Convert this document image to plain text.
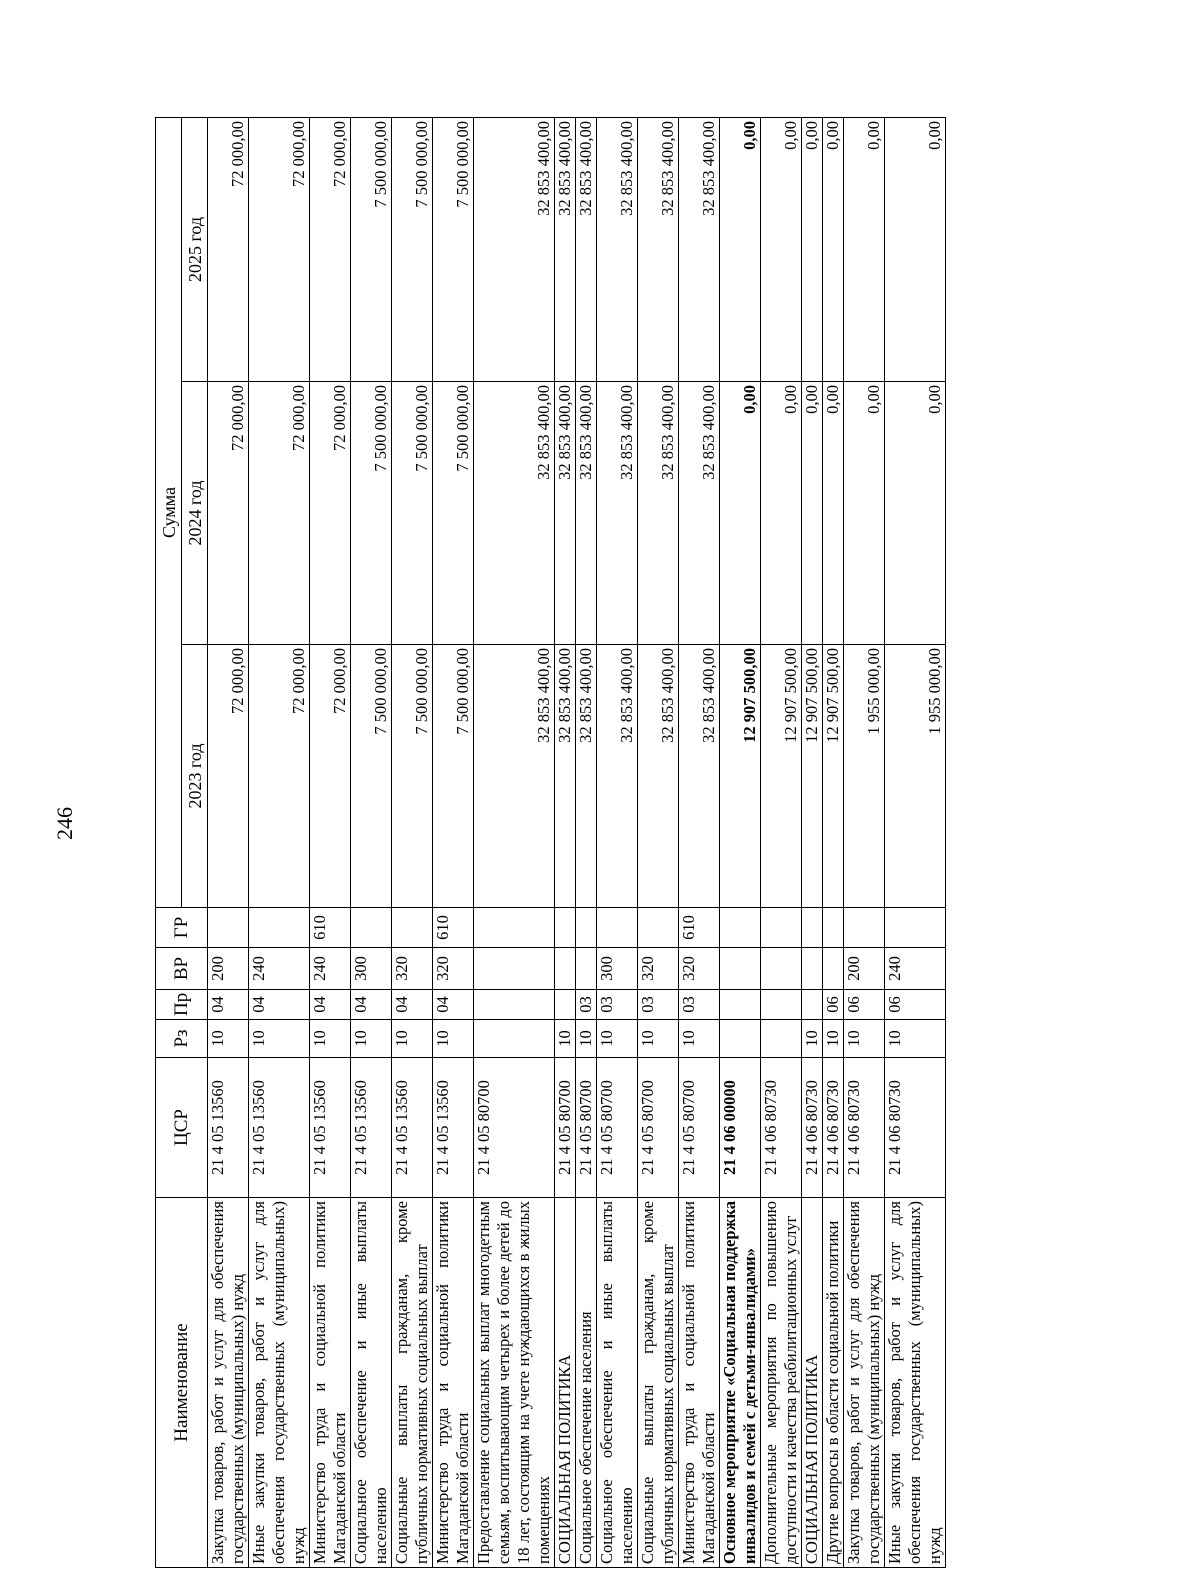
246
Наименование	ЦСР	Рз	Пр	ВР	ГР	Сумма		
						2023 год	2024 год	2025 год
Закупка товаров, работ и услуг для обеспечения государственных (муниципальных) нужд	21 4 05 13560	10	04	200		72 000,00	72 000,00	72 000,00
Иные закупки товаров, работ и услуг для обеспечения государственных (муниципальных) нужд	21 4 05 13560	10	04	240		72 000,00	72 000,00	72 000,00
Министерство труда и социальной политики Магаданской области	21 4 05 13560	10	04	240	610	72 000,00	72 000,00	72 000,00
Социальное обеспечение и иные выплаты населению	21 4 05 13560	10	04	300		7 500 000,00	7 500 000,00	7 500 000,00
Социальные выплаты гражданам, кроме публичных нормативных социальных выплат	21 4 05 13560	10	04	320		7 500 000,00	7 500 000,00	7 500 000,00
Министерство труда и социальной политики Магаданской области	21 4 05 13560	10	04	320	610	7 500 000,00	7 500 000,00	7 500 000,00
Предоставление социальных выплат многодетным семьям, воспитывающим четырех и более детей до 18 лет, состоящим на учете нуждающихся в жилых помещениях	21 4 05 80700					32 853 400,00	32 853 400,00	32 853 400,00
СОЦИАЛЬНАЯ ПОЛИТИКА	21 4 05 80700	10				32 853 400,00	32 853 400,00	32 853 400,00
Социальное обеспечение населения	21 4 05 80700	10	03			32 853 400,00	32 853 400,00	32 853 400,00
Социальное обеспечение и иные выплаты населению	21 4 05 80700	10	03	300		32 853 400,00	32 853 400,00	32 853 400,00
Социальные выплаты гражданам, кроме публичных нормативных социальных выплат	21 4 05 80700	10	03	320		32 853 400,00	32 853 400,00	32 853 400,00
Министерство труда и социальной политики Магаданской области	21 4 05 80700	10	03	320	610	32 853 400,00	32 853 400,00	32 853 400,00
Основное мероприятие «Социальная поддержка инвалидов и семей с детьми-инвалидами»	21 4 06 00000					12 907 500,00	0,00	0,00
Дополнительные мероприятия по повышению доступности и качества реабилитационных услуг	21 4 06 80730					12 907 500,00	0,00	0,00
СОЦИАЛЬНАЯ ПОЛИТИКА	21 4 06 80730	10				12 907 500,00	0,00	0,00
Другие вопросы в области социальной политики	21 4 06 80730	10	06			12 907 500,00	0,00	0,00
Закупка товаров, работ и услуг для обеспечения государственных (муниципальных) нужд	21 4 06 80730	10	06	200		1 955 000,00	0,00	0,00
Иные закупки товаров, работ и услуг для обеспечения государственных (муниципальных) нужд	21 4 06 80730	10	06	240		1 955 000,00	0,00	0,00
